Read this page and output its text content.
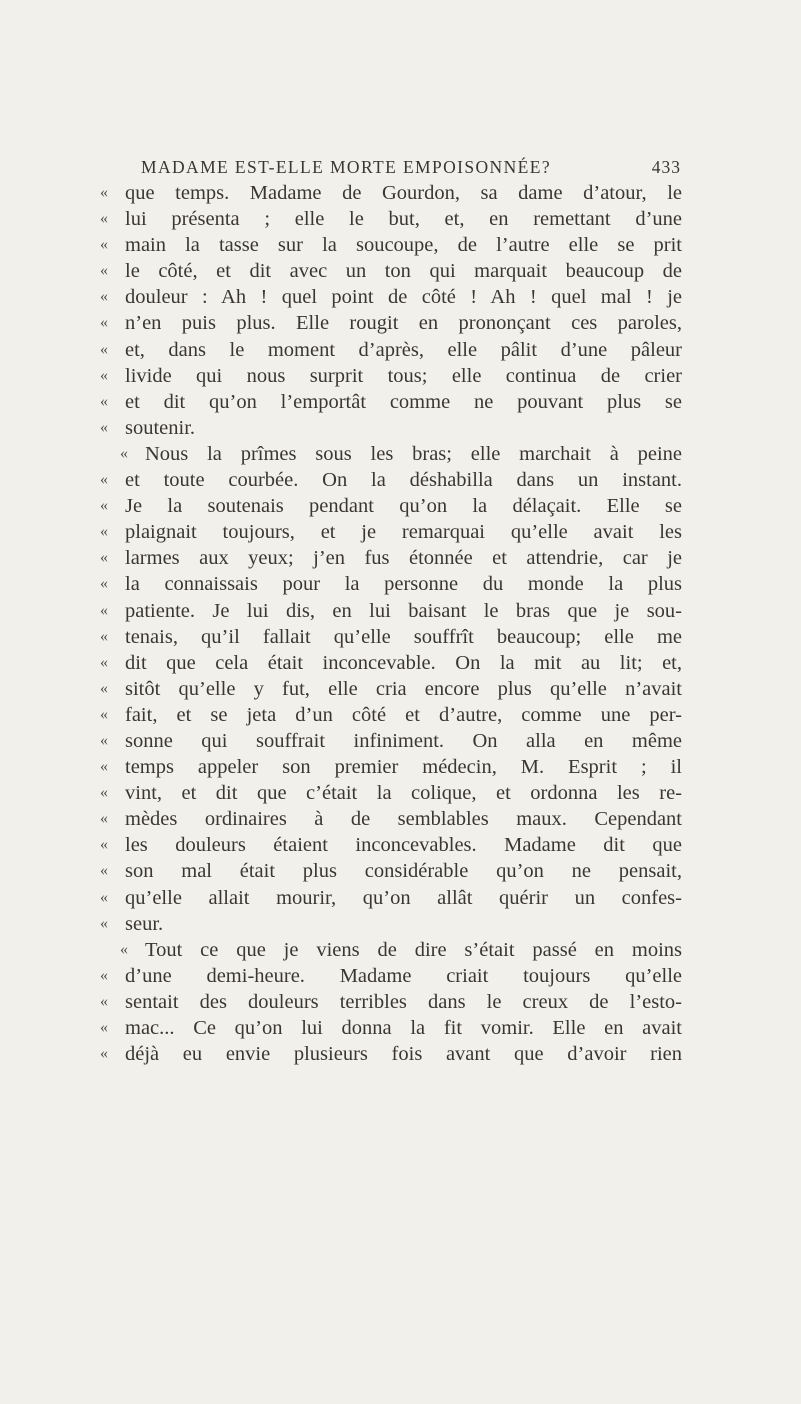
MADAME EST-ELLE MORTE EMPOISONNÉE?	433
« que temps. Madame de Gourdon, sa dame d’atour, le
« lui présenta ; elle le but, et, en remettant d’une
« main la tasse sur la soucoupe, de l’autre elle se prit
« le côté, et dit avec un ton qui marquait beaucoup de
« douleur : Ah ! quel point de côté ! Ah ! quel mal ! je
« n’en puis plus. Elle rougit en prononçant ces paroles,
« et, dans le moment d’après, elle pâlit d’une pâleur
« livide qui nous surprit tous; elle continua de crier
« et dit qu’on l’emportât comme ne pouvant plus se
« soutenir.
« Nous la prîmes sous les bras; elle marchait à peine
« et toute courbée. On la déshabilla dans un instant.
« Je la soutenais pendant qu’on la délaçait. Elle se
« plaignait toujours, et je remarquai qu’elle avait les
« larmes aux yeux; j’en fus étonnée et attendrie, car je
« la connaissais pour la personne du monde la plus
« patiente. Je lui dis, en lui baisant le bras que je sou-
« tenais, qu’il fallait qu’elle souffrît beaucoup; elle me
« dit que cela était inconcevable. On la mit au lit; et,
« sitôt qu’elle y fut, elle cria encore plus qu’elle n’avait
« fait, et se jeta d’un côté et d’autre, comme une per-
« sonne qui souffrait infiniment. On alla en même
« temps appeler son premier médecin, M. Esprit ; il
« vint, et dit que c’était la colique, et ordonna les re-
« mèdes ordinaires à de semblables maux. Cependant
« les douleurs étaient inconcevables. Madame dit que
« son mal était plus considérable qu’on ne pensait,
« qu’elle allait mourir, qu’on allât quérir un confes-
« seur.
« Tout ce que je viens de dire s’était passé en moins
« d’une demi-heure. Madame criait toujours qu’elle
« sentait des douleurs terribles dans le creux de l’esto-
« mac... Ce qu’on lui donna la fit vomir. Elle en avait
« déjà eu envie plusieurs fois avant que d’avoir rien
